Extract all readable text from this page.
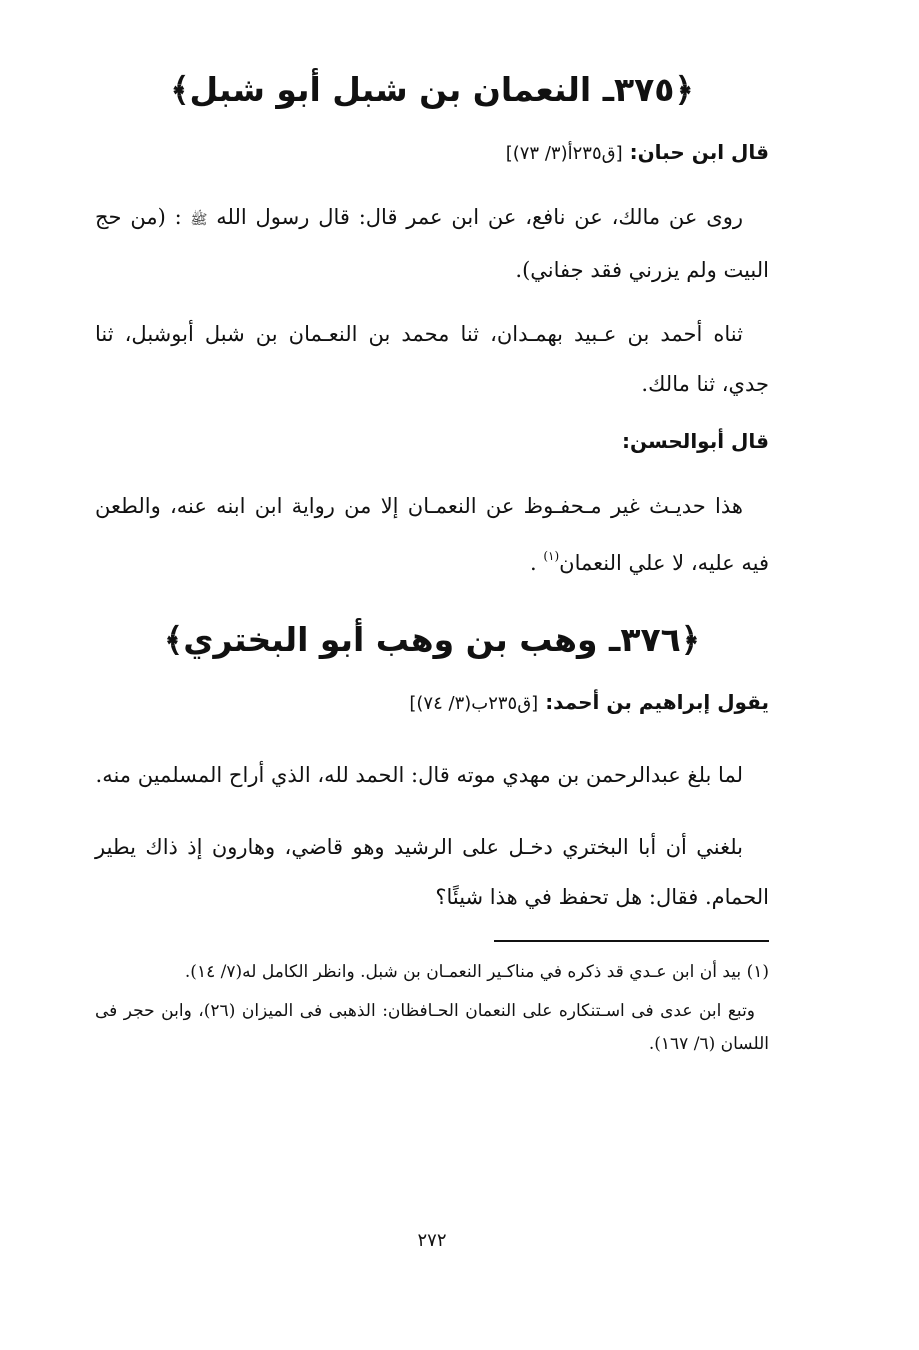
﴿٣٧٥ـ النعمان بن شبل أبو شبل﴾
قال ابن حبان: [ق٢٣٥أ(٣/ ٧٣)]

روى عن مالك، عن نافع، عن ابن عمر قال: قال رسول الله ﷺ : (من حج البيت ولم يزرني فقد جفاني).

ثناه أحمد بن عـبيد بهمـدان، ثنا محمد بن النعـمان بن شبل أبوشبل، ثنا جدي، ثنا مالك.

قال أبوالحسن:

هذا حديـث غير مـحفـوظ عن النعمـان إلا من رواية ابن ابنه عنه، والطعن فيه عليه، لا علي النعمان$^{(١)}$ .

﴿٣٧٦ـ وهب بن وهب أبو البختري﴾
يقول إبراهيم بن أحمد: [ق٢٣٥ب(٣/ ٧٤)]

لما بلغ عبدالرحمن بن مهدي موته قال: الحمد لله، الذي أراح المسلمين منه.

بلغني أن أبا البختري دخـل على الرشيد وهو قاضي، وهارون إذ ذاك يطير الحمام. فقال: هل تحفظ في هذا شيئًا؟

(١) بيد أن ابن عـدي قد ذكره في مناكـير النعمـان بن شبل. وانظر الكامل له(٧/ ١٤).

وتبع ابن عدى فى اسـتنكاره على النعمان الحـافظان: الذهبى فى الميزان (٢٦)، وابن حجر فى اللسان (٦/ ١٦٧).

٢٧٢
